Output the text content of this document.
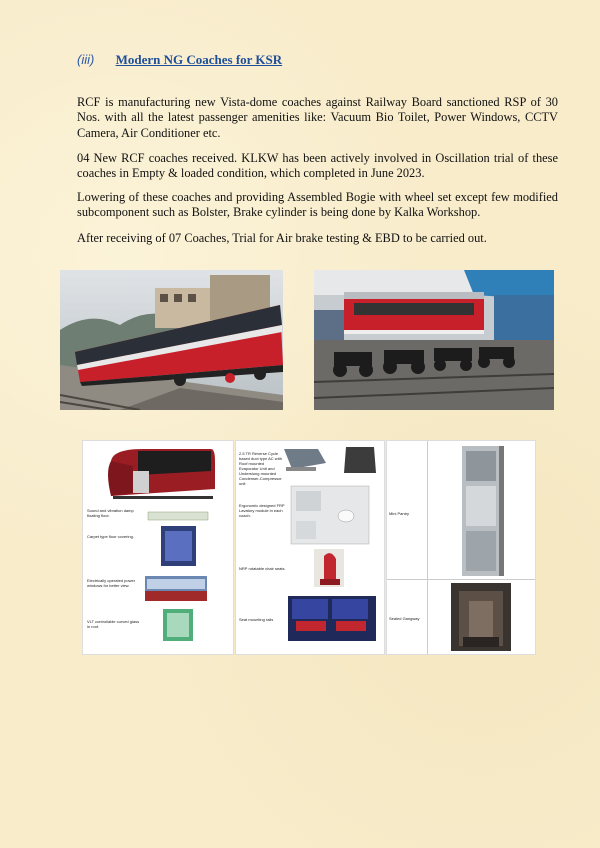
(iii) Modern NG Coaches for KSR

RCF is manufacturing new Vista-dome coaches against Railway Board sanctioned RSP of 30 Nos. with all the latest passenger amenities like: Vacuum Bio Toilet, Power Windows, CCTV Camera, Air Conditioner etc.

04 New RCF coaches received. KLKW has been actively involved in Oscillation trial of these coaches in Empty & loaded condition, which completed in June 2023.

Lowering of these coaches and providing Assembled Bogie with wheel set except few modified subcomponent such as Bolster, Brake cylinder is being done by Kalka Workshop.

After receiving of 07 Coaches, Trial for Air brake testing & EBD to be carried out.

Sound and vibration damp floating floor.
Carpet type floor covering.
Electrically operated power windows for better view.
VLT controllable curved glass in roof.
2.5 TR Reverse Cycle based duct type AC with Roof mounted Evaporator Unit and Underslung mounted Condenser-Compressor unit
Ergonomic designed FRP Lavatory module in each coach.
NRP rotatable chair seats.
Seat mounting rails
Mini Pantry
Sealed Gangway
